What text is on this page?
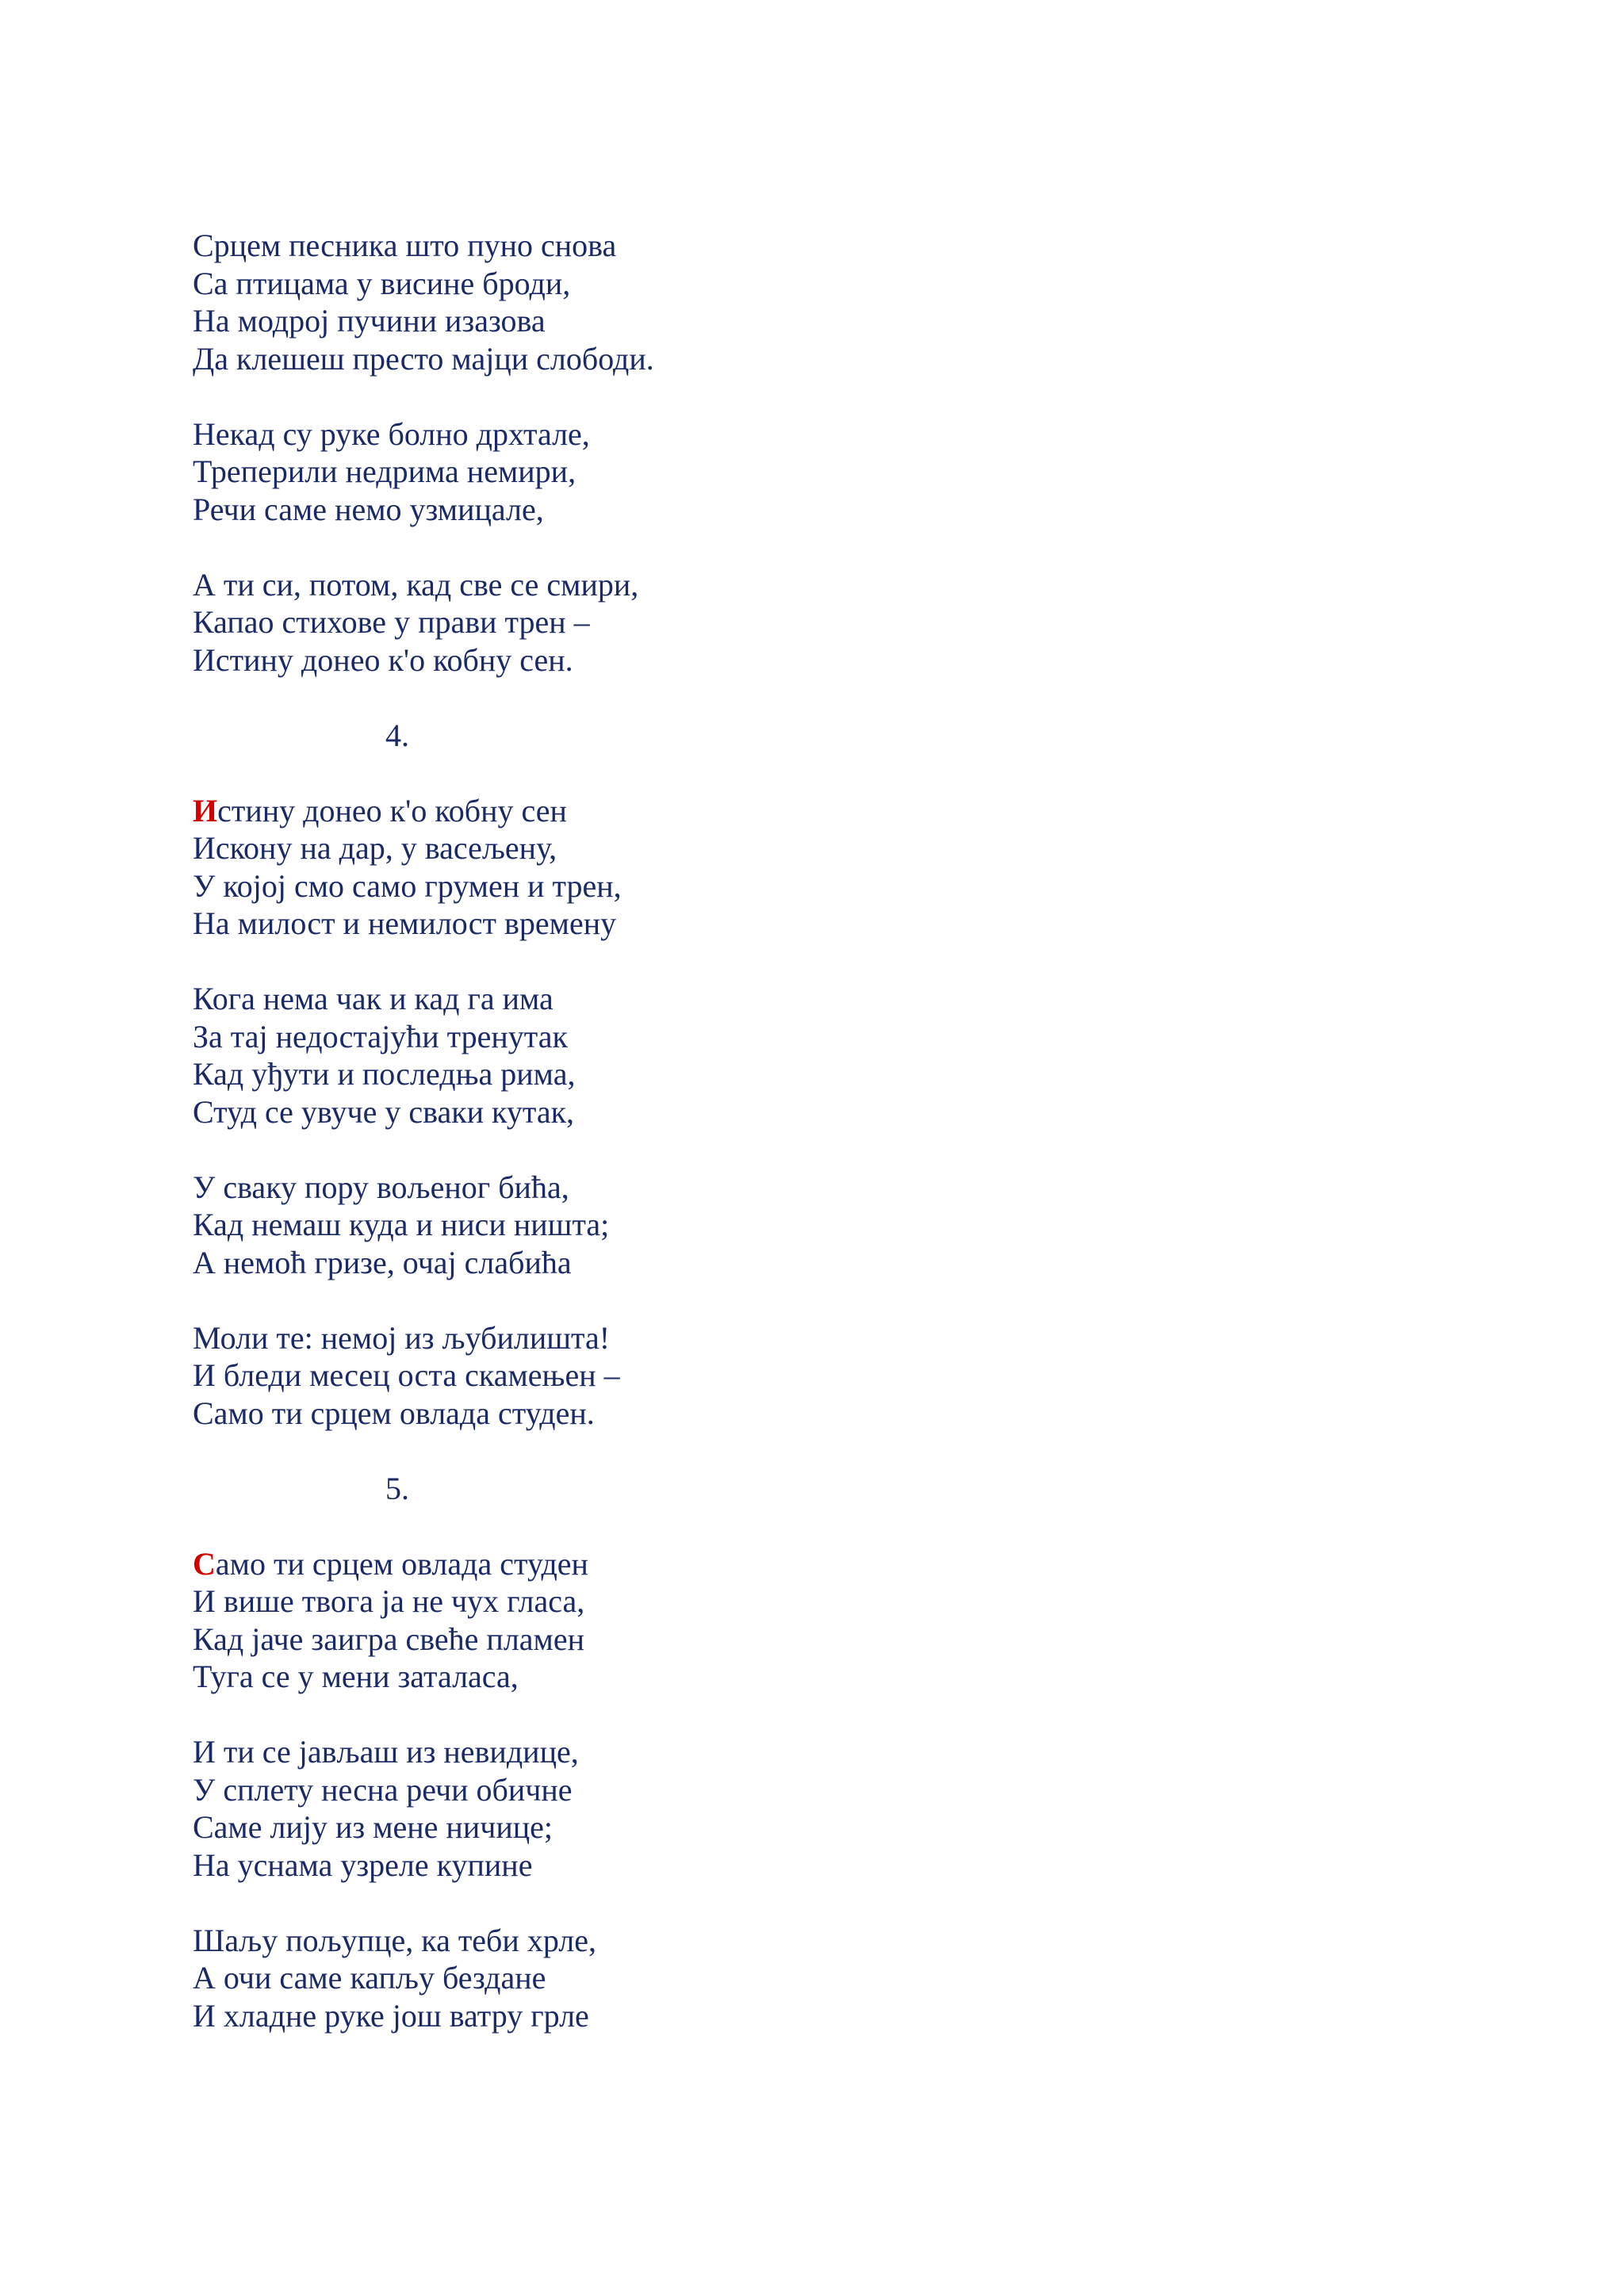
Срцем песника што пуно снова
Са птицама у висине броди,
На модрој пучини изазова
Да клешеш престо мајци слободи.
Некад су руке болно дрхтале,
Треперили недрима немири,
Речи саме немо узмицале,
А ти си, потом, кад све се смири,
Капао стихове у прави трен –
Истину донео к'о кобну сен.
4.
Истину донео к'о кобну сен
Искону на дар, у васељену,
У којој смо само грумен и трен,
На милост и немилост времену
Кога нема чак и кад га има
За тај недостајући тренутак
Кад уђути и последња рима,
Студ се увуче у сваки кутак,
У сваку пору вољеног бића,
Кад немаш куда и ниси ништа;
А немоћ гризе, очај слабића
Моли те: немој из љубилишта!
И бледи месец оста скамењен –
Само ти срцем овлада студен.
5.
Само ти срцем овлада студен
И више твога ја не чух гласа,
Кад јаче заигра свеће пламен
Туга се у мени заталаса,
И ти се јављаш из невидице,
У сплету несна речи обичне
Саме лију из мене ничице;
На уснама узреле купине
Шаљу пољупце, ка теби хрле,
А очи саме капљу бездане
И хладне руке још ватру грле
